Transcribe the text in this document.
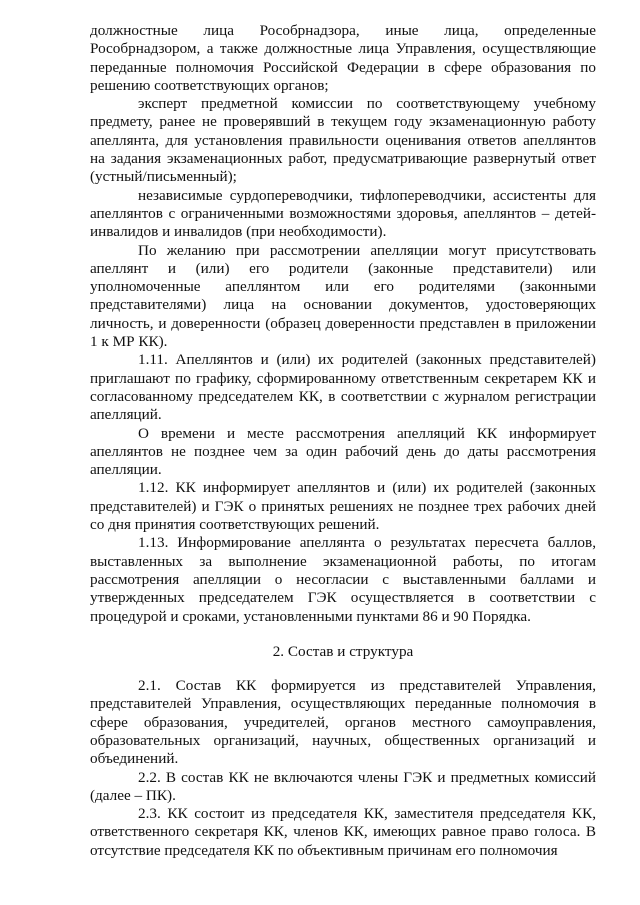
должностные лица Рособрнадзора, иные лица, определенные Рособрнадзором, а также должностные лица Управления, осуществляющие переданные полномочия Российской Федерации в сфере образования по решению соответствующих органов;

эксперт предметной комиссии по соответствующему учебному предмету, ранее не проверявший в текущем году экзаменационную работу апеллянта, для установления правильности оценивания ответов апеллянтов на задания экзаменационных работ, предусматривающие развернутый ответ (устный/письменный);

независимые сурдопереводчики, тифлопереводчики, ассистенты для апеллянтов с ограниченными возможностями здоровья, апеллянтов – детей-инвалидов и инвалидов (при необходимости).

По желанию при рассмотрении апелляции могут присутствовать апеллянт и (или) его родители (законные представители) или уполномоченные апеллянтом или его родителями (законными представителями) лица на основании документов, удостоверяющих личность, и доверенности (образец доверенности представлен в приложении 1 к МР КК).

1.11. Апеллянтов и (или) их родителей (законных представителей) приглашают по графику, сформированному ответственным секретарем КК и согласованному председателем КК, в соответствии с журналом регистрации апелляций.

О времени и месте рассмотрения апелляций КК информирует апеллянтов не позднее чем за один рабочий день до даты рассмотрения апелляции.

1.12. КК информирует апеллянтов и (или) их родителей (законных представителей) и ГЭК о принятых решениях не позднее трех рабочих дней со дня принятия соответствующих решений.

1.13. Информирование апеллянта о результатах пересчета баллов, выставленных за выполнение экзаменационной работы, по итогам рассмотрения апелляции о несогласии с выставленными баллами и утвержденных председателем ГЭК осуществляется в соответствии с процедурой и сроками, установленными пунктами 86 и 90 Порядка.

2. Состав и структура

2.1. Состав КК формируется из представителей Управления, представителей Управления, осуществляющих переданные полномочия в сфере образования, учредителей, органов местного самоуправления, образовательных организаций, научных, общественных организаций и объединений.

2.2. В состав КК не включаются члены ГЭК и предметных комиссий (далее – ПК).

2.3. КК состоит из председателя КК, заместителя председателя КК, ответственного секретаря КК, членов КК, имеющих равное право голоса. В отсутствие председателя КК по объективным причинам его полномочия
